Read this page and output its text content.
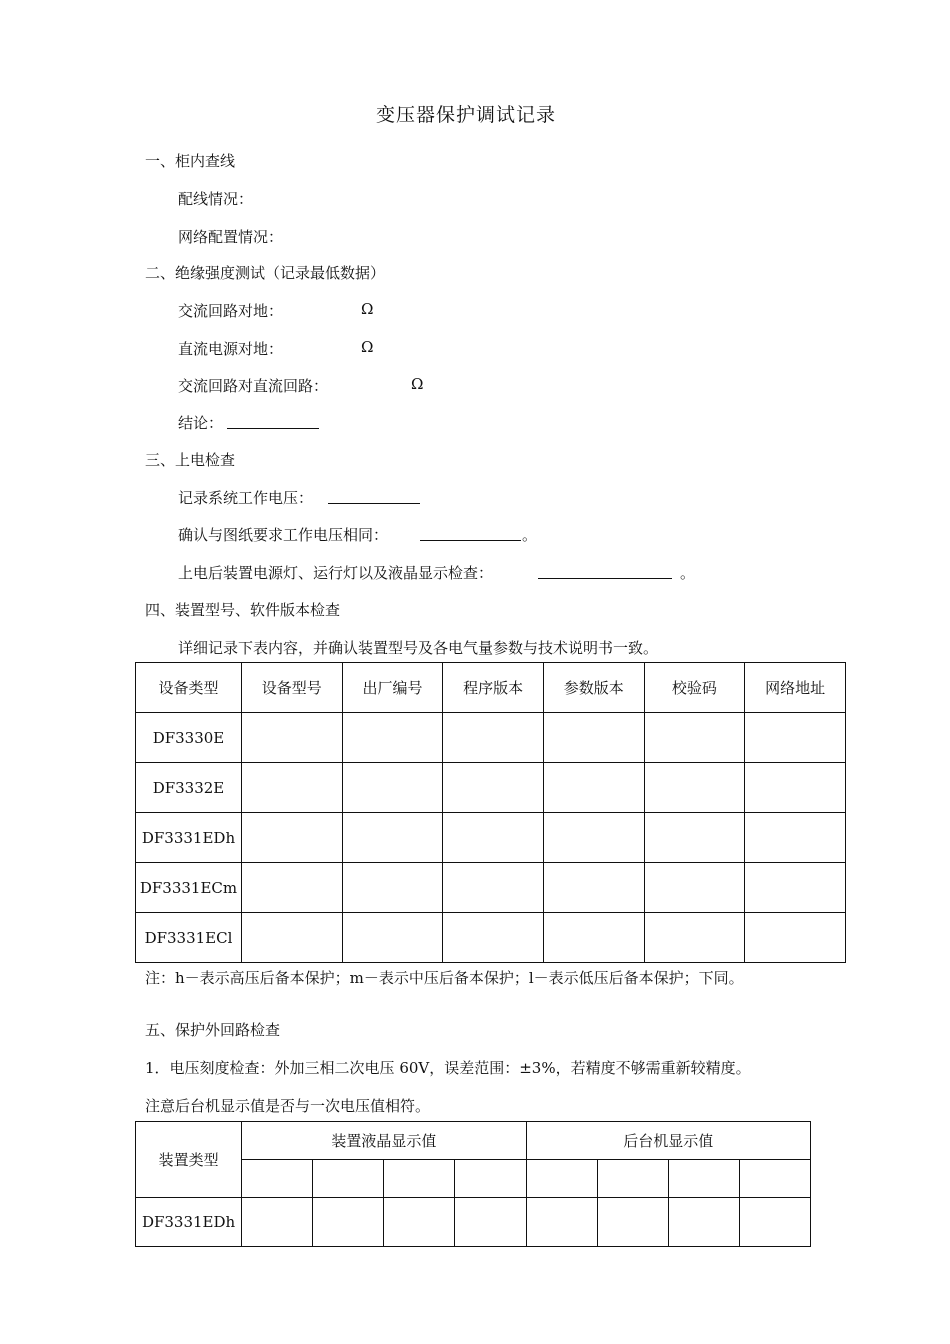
变压器保护调试记录
一、柜内查线
配线情况：
网络配置情况：
二、绝缘强度测试（记录最低数据）
交流回路对地：	Ω
直流电源对地：	Ω
交流回路对直流回路：	Ω
结论：
三、上电检查
记录系统工作电压：
确认与图纸要求工作电压相同：	。
上电后装置电源灯、运行灯以及液晶显示检查：	。
四、装置型号、软件版本检查
详细记录下表内容，并确认装置型号及各电气量参数与技术说明书一致。
设备类型	设备型号	出厂编号	程序版本	参数版本	校验码	网络地址
DF3330E						
DF3332E						
DF3331EDh						
DF3331ECm						
DF3331ECl						
注：h－表示高压后备本保护；m－表示中压后备本保护；l－表示低压后备本保护；下同。
五、保护外回路检查
1．电压刻度检查：外加三相二次电压 60V，误差范围：±3%，若精度不够需重新较精度。
注意后台机显示值是否与一次电压值相符。
装置类型	装置液晶显示值				后台机显示值			

DF3331EDh								
